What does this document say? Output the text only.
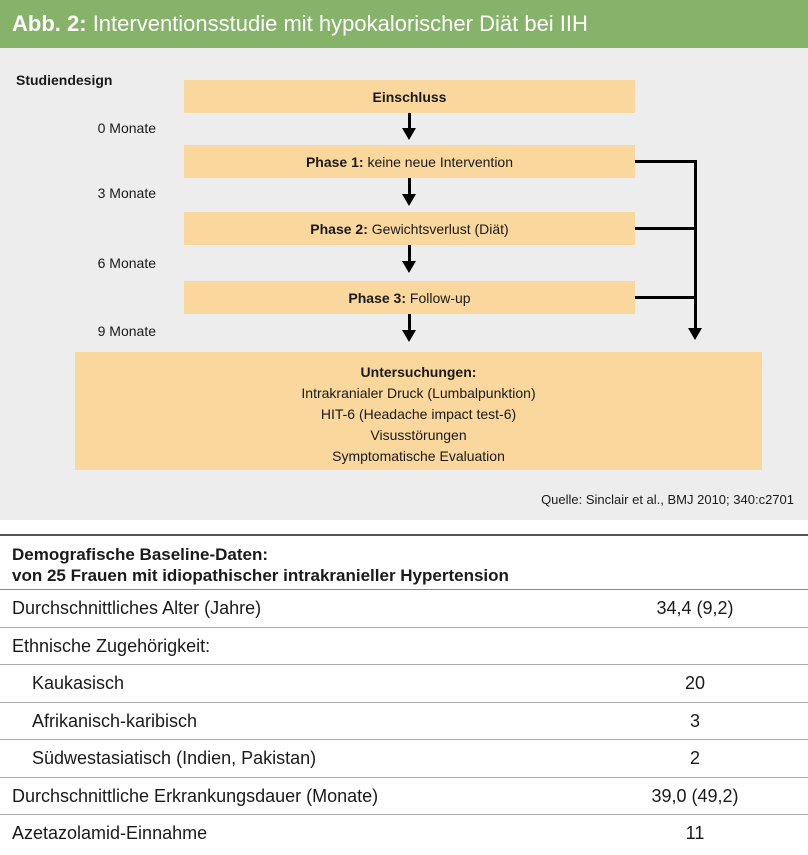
Abb. 2: Interventionsstudie mit hypokalorischer Diät bei IIH
Studiendesign
Einschluss
0 Monate
Phase 1: keine neue Intervention
3 Monate
Phase 2: Gewichtsverlust (Diät)
6 Monate
Phase 3: Follow-up
9 Monate
Untersuchungen:
Intrakranialer Druck (Lumbalpunktion)
HIT-6 (Headache impact test-6)
Visusstörungen
Symptomatische Evaluation
Quelle: Sinclair et al., BMJ 2010; 340:c2701
Demografische Baseline-Daten:
von 25 Frauen mit idiopathischer intrakranieller Hypertension
Durchschnittliches Alter (Jahre)	34,4 (9,2)
Ethnische Zugehörigkeit:
Kaukasisch	20
Afrikanisch-karibisch	3
Südwestasiatisch (Indien, Pakistan)	2
Durchschnittliche Erkrankungsdauer (Monate)	39,0 (49,2)
Azetazolamid-Einnahme	11
